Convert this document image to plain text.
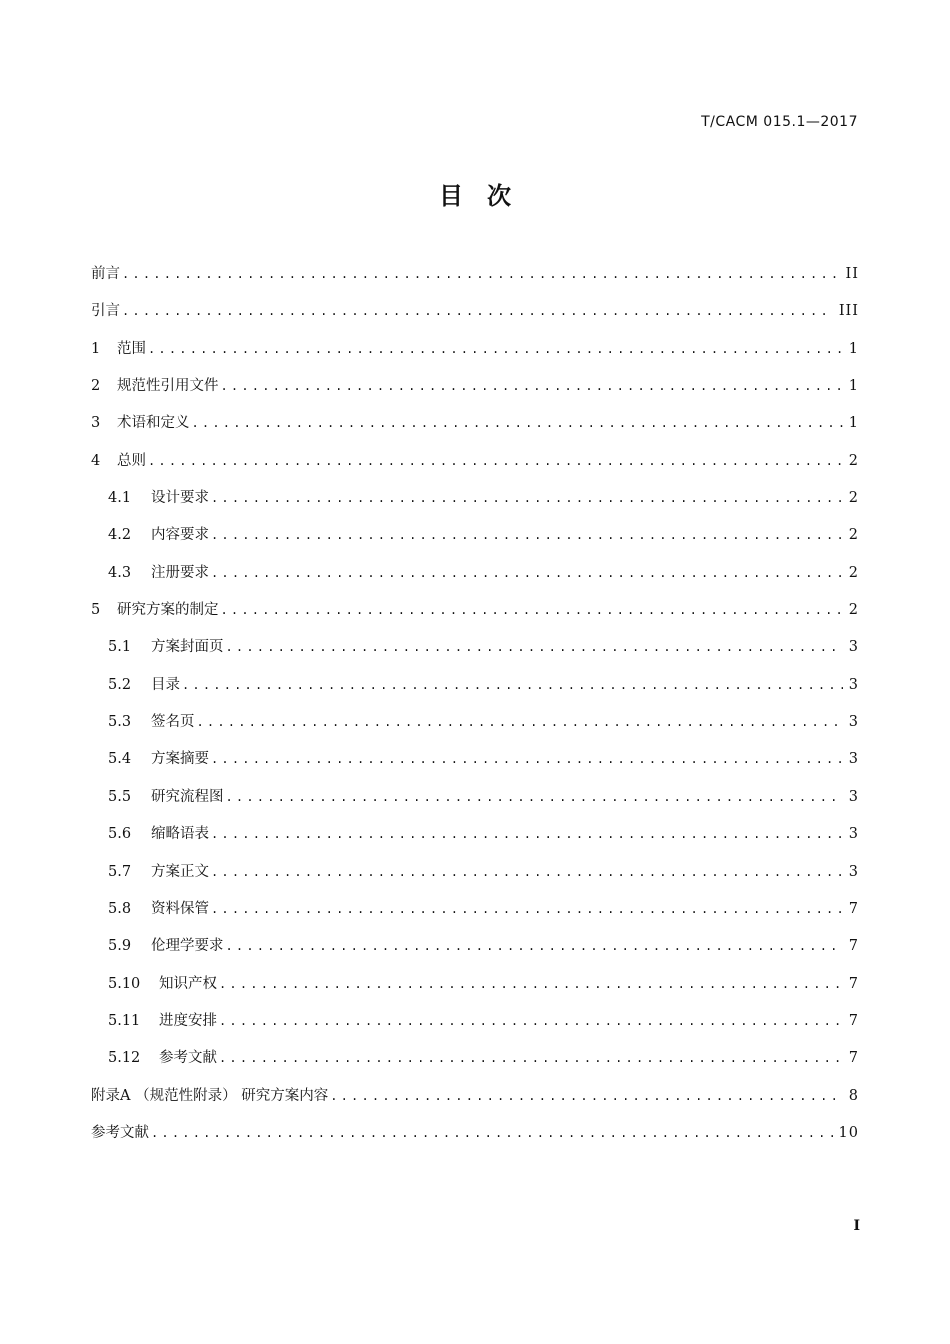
T/CACM 015.1—2017
目　次
前言 .....	II
引言 .....	III
1	范围 .....	1
2	规范性引用文件 .....	1
3	术语和定义 .....	1
4	总则 .....	2
4.1	设计要求 .....	2
4.2	内容要求 .....	2
4.3	注册要求 .....	2
5	研究方案的制定 .....	2
5.1	方案封面页 .....	3
5.2	目录 .....	3
5.3	签名页 .....	3
5.4	方案摘要 .....	3
5.5	研究流程图 .....	3
5.6	缩略语表 .....	3
5.7	方案正文 .....	3
5.8	资料保管 .....	7
5.9	伦理学要求 .....	7
5.10	知识产权 .....	7
5.11	进度安排 .....	7
5.12	参考文献 .....	7
附录A （规范性附录） 研究方案内容 .....	8
参考文献 .....	10
I
